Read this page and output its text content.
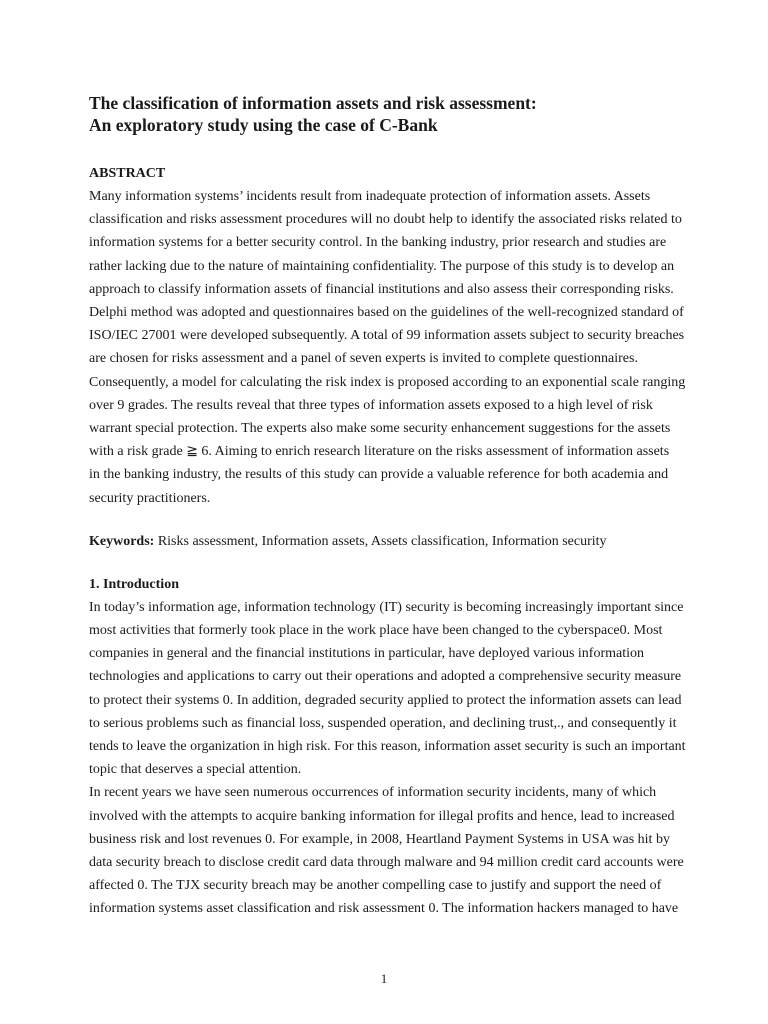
The classification of information assets and risk assessment:
An exploratory study using the case of C-Bank
ABSTRACT

Many information systems’ incidents result from inadequate protection of information assets. Assets
classification and risks assessment procedures will no doubt help to identify the associated risks related to
information systems for a better security control. In the banking industry, prior research and studies are
rather lacking due to the nature of maintaining confidentiality. The purpose of this study is to develop an
approach to classify information assets of financial institutions and also assess their corresponding risks.
Delphi method was adopted and questionnaires based on the guidelines of the well-recognized standard of
ISO/IEC 27001 were developed subsequently. A total of 99 information assets subject to security breaches
are chosen for risks assessment and a panel of seven experts is invited to complete questionnaires.
Consequently, a model for calculating the risk index is proposed according to an exponential scale ranging
over 9 grades. The results reveal that three types of information assets exposed to a high level of risk
warrant special protection. The experts also make some security enhancement suggestions for the assets
with a risk grade ≧ 6. Aiming to enrich research literature on the risks assessment of information assets
in the banking industry, the results of this study can provide a valuable reference for both academia and
security practitioners.

Keywords: Risks assessment, Information assets, Assets classification, Information security

1. Introduction

In today’s information age, information technology (IT) security is becoming increasingly important since
most activities that formerly took place in the work place have been changed to the cyberspace0. Most
companies in general and the financial institutions in particular, have deployed various information
technologies and applications to carry out their operations and adopted a comprehensive security measure
to protect their systems 0. In addition, degraded security applied to protect the information assets can lead
to serious problems such as financial loss, suspended operation, and declining trust,., and consequently it
tends to leave the organization in high risk. For this reason, information asset security is such an important
topic that deserves a special attention.

In recent years we have seen numerous occurrences of information security incidents, many of which
involved with the attempts to acquire banking information for illegal profits and hence, lead to increased
business risk and lost revenues 0. For example, in 2008, Heartland Payment Systems in USA was hit by
data security breach to disclose credit card data through malware and 94 million credit card accounts were
affected 0. The TJX security breach may be another compelling case to justify and support the need of
information systems asset classification and risk assessment 0. The information hackers managed to have

1
